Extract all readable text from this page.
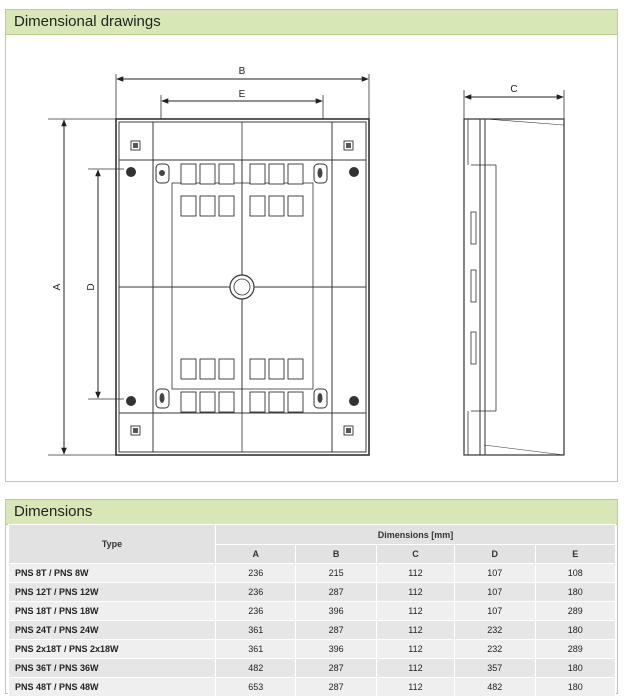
Dimensional drawings
B
E
A D
C
Dimensions
Type	Dimensions [mm]				
	A	B	C	D	E
PNS 8T / PNS 8W	236	215	112	107	108
PNS 12T / PNS 12W	236	287	112	107	180
PNS 18T / PNS 18W	236	396	112	107	289
PNS 24T / PNS 24W	361	287	112	232	180
PNS 2x18T / PNS 2x18W	361	396	112	232	289
PNS 36T / PNS 36W	482	287	112	357	180
PNS 48T / PNS 48W	653	287	112	482	180
